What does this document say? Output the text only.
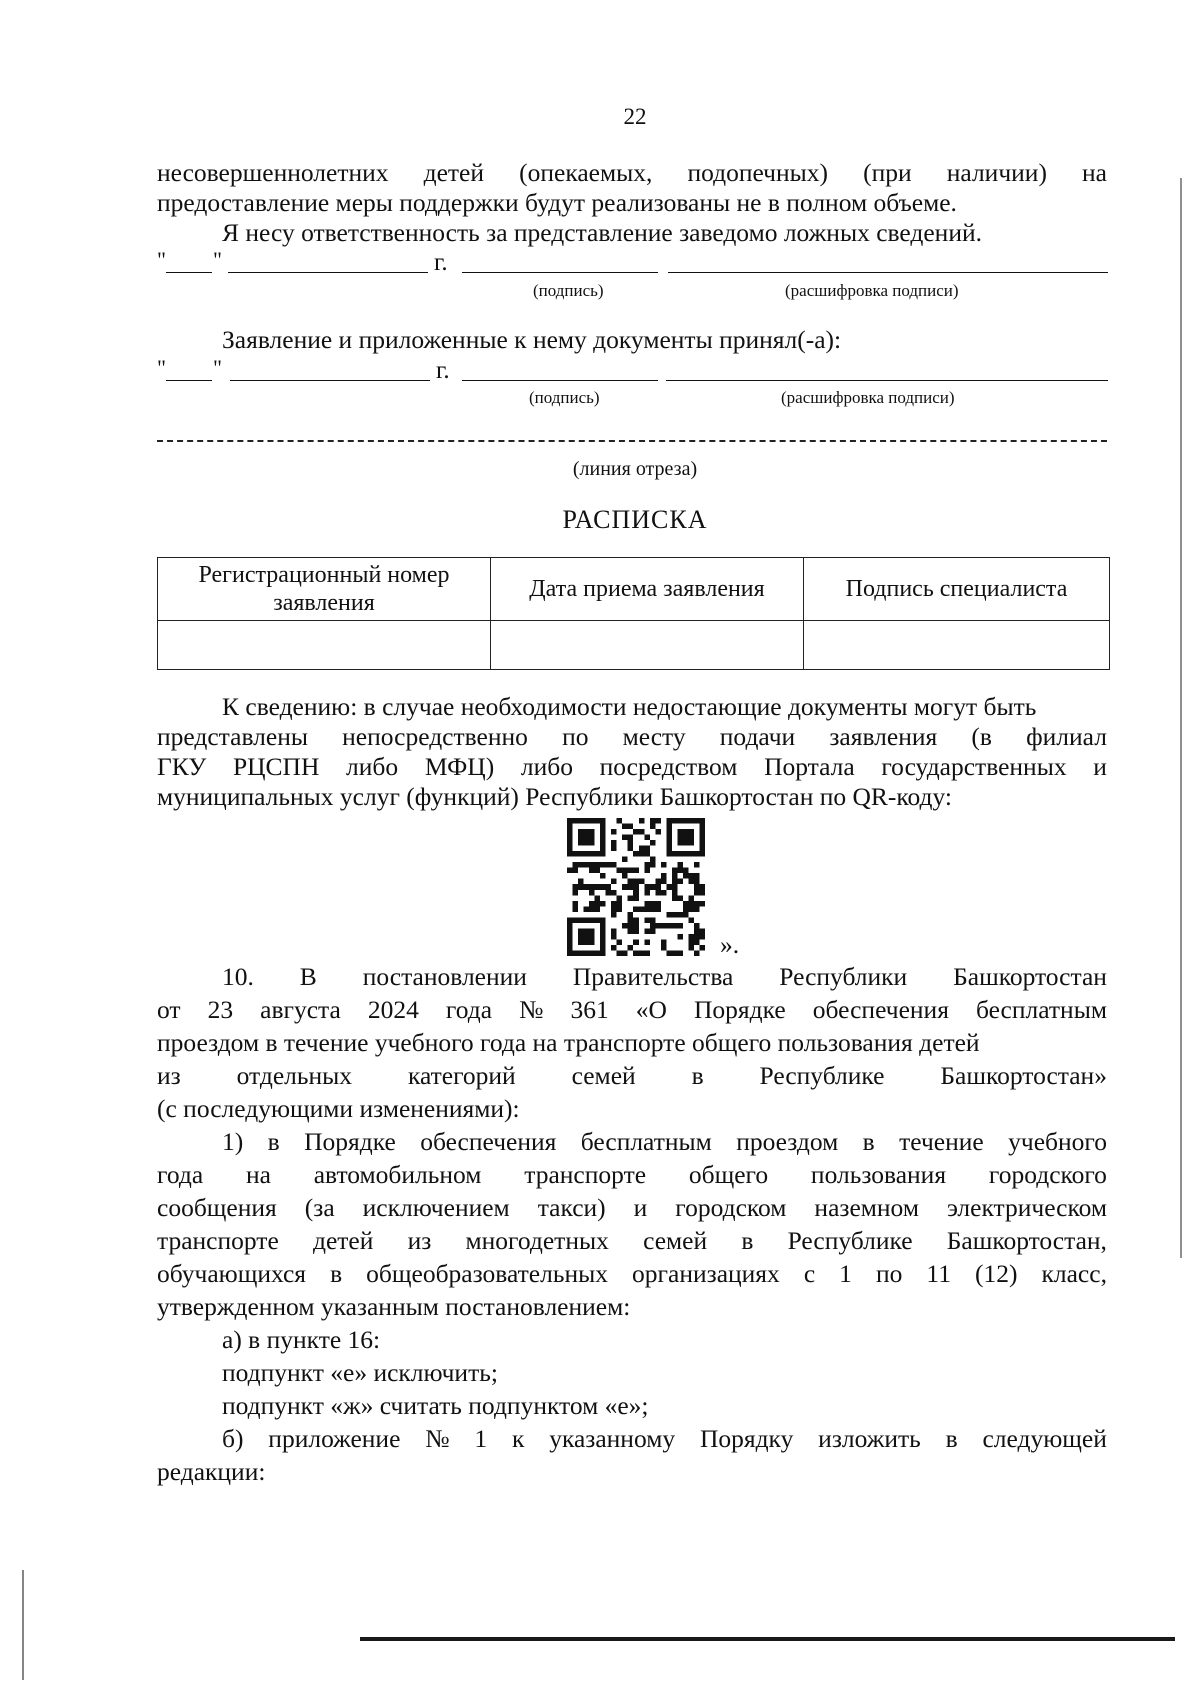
22
несовершеннолетних детей (опекаемых, подопечных) (при наличии) на
предоставление меры поддержки будут реализованы не в полном объеме.
Я несу ответственность за представление заведомо ложных сведений.
" "	г.
(подпись)	(расшифровка подписи)
Заявление и приложенные к нему документы принял(-а):
" "	г.
(подпись)	(расшифровка подписи)
(линия отреза)
РАСПИСКА
Регистрационный номер заявления	Дата приема заявления	Подпись специалиста

К сведению: в случае необходимости недостающие документы могут быть
представлены непосредственно по месту подачи заявления (в филиал
ГКУ РЦСПН либо МФЦ) либо посредством Портала государственных и
муниципальных услуг (функций) Республики Башкортостан по QR-коду:
».
10. В постановлении Правительства Республики Башкортостан
от 23 августа 2024 года № 361 «О Порядке обеспечения бесплатным
проездом в течение учебного года на транспорте общего пользования детей
из отдельных категорий семей в Республике Башкортостан»
(с последующими изменениями):
1) в Порядке обеспечения бесплатным проездом в течение учебного
года на автомобильном транспорте общего пользования городского
сообщения (за исключением такси) и городском наземном электрическом
транспорте детей из многодетных семей в Республике Башкортостан,
обучающихся в общеобразовательных организациях с 1 по 11 (12) класс,
утвержденном указанным постановлением:
а) в пункте 16:
подпункт «е» исключить;
подпункт «ж» считать подпунктом «е»;
б) приложение № 1 к указанному Порядку изложить в следующей
редакции:
